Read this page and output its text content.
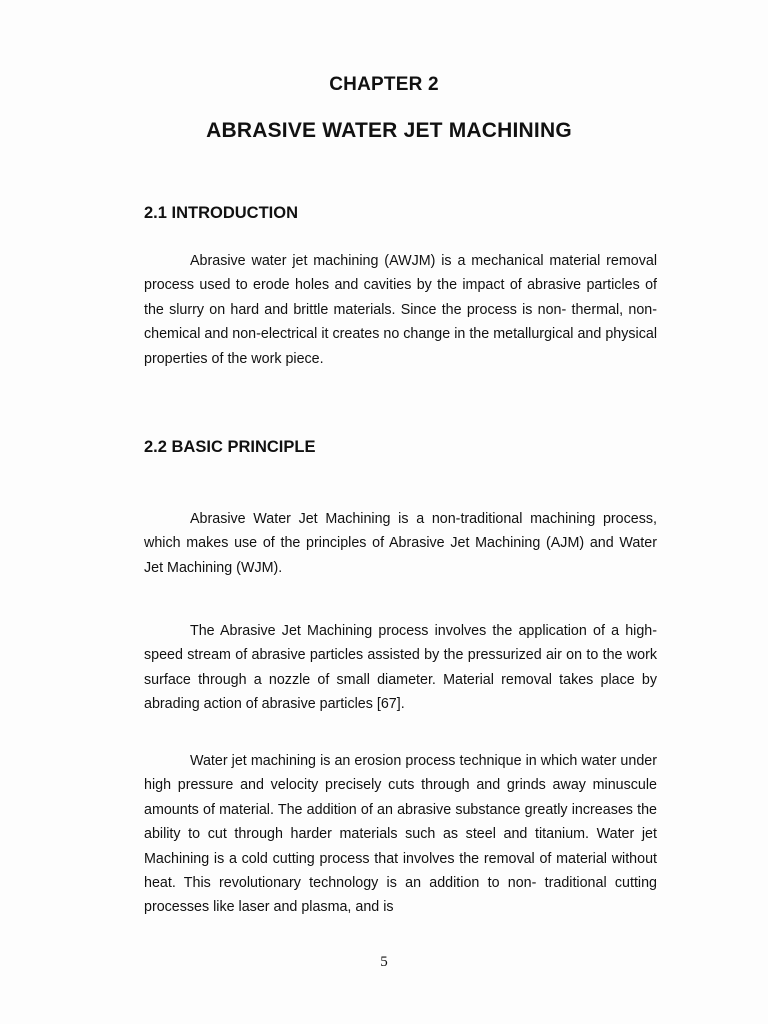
CHAPTER 2
ABRASIVE WATER JET MACHINING
2.1 INTRODUCTION

Abrasive water jet machining (AWJM) is a mechanical material removal process used to erode holes and cavities by the impact of abrasive particles of the slurry on hard and brittle materials. Since the process is non- thermal, non-chemical and non-electrical it creates no change in the metallurgical and physical properties of the work piece.

2.2 BASIC PRINCIPLE

Abrasive Water Jet Machining is a non-traditional machining process, which makes use of the principles of Abrasive Jet Machining (AJM) and Water Jet Machining (WJM).

The Abrasive Jet Machining process involves the application of a high-speed stream of abrasive particles assisted by the pressurized air on to the work surface through a nozzle of small diameter. Material removal takes place by abrading action of abrasive particles [67].

Water jet machining is an erosion process technique in which water under high pressure and velocity precisely cuts through and grinds away minuscule amounts of material. The addition of an abrasive substance greatly increases the ability to cut through harder materials such as steel and titanium. Water jet Machining is a cold cutting process that involves the removal of material without heat. This revolutionary technology is an addition to non- traditional cutting processes like laser and plasma, and is

5
